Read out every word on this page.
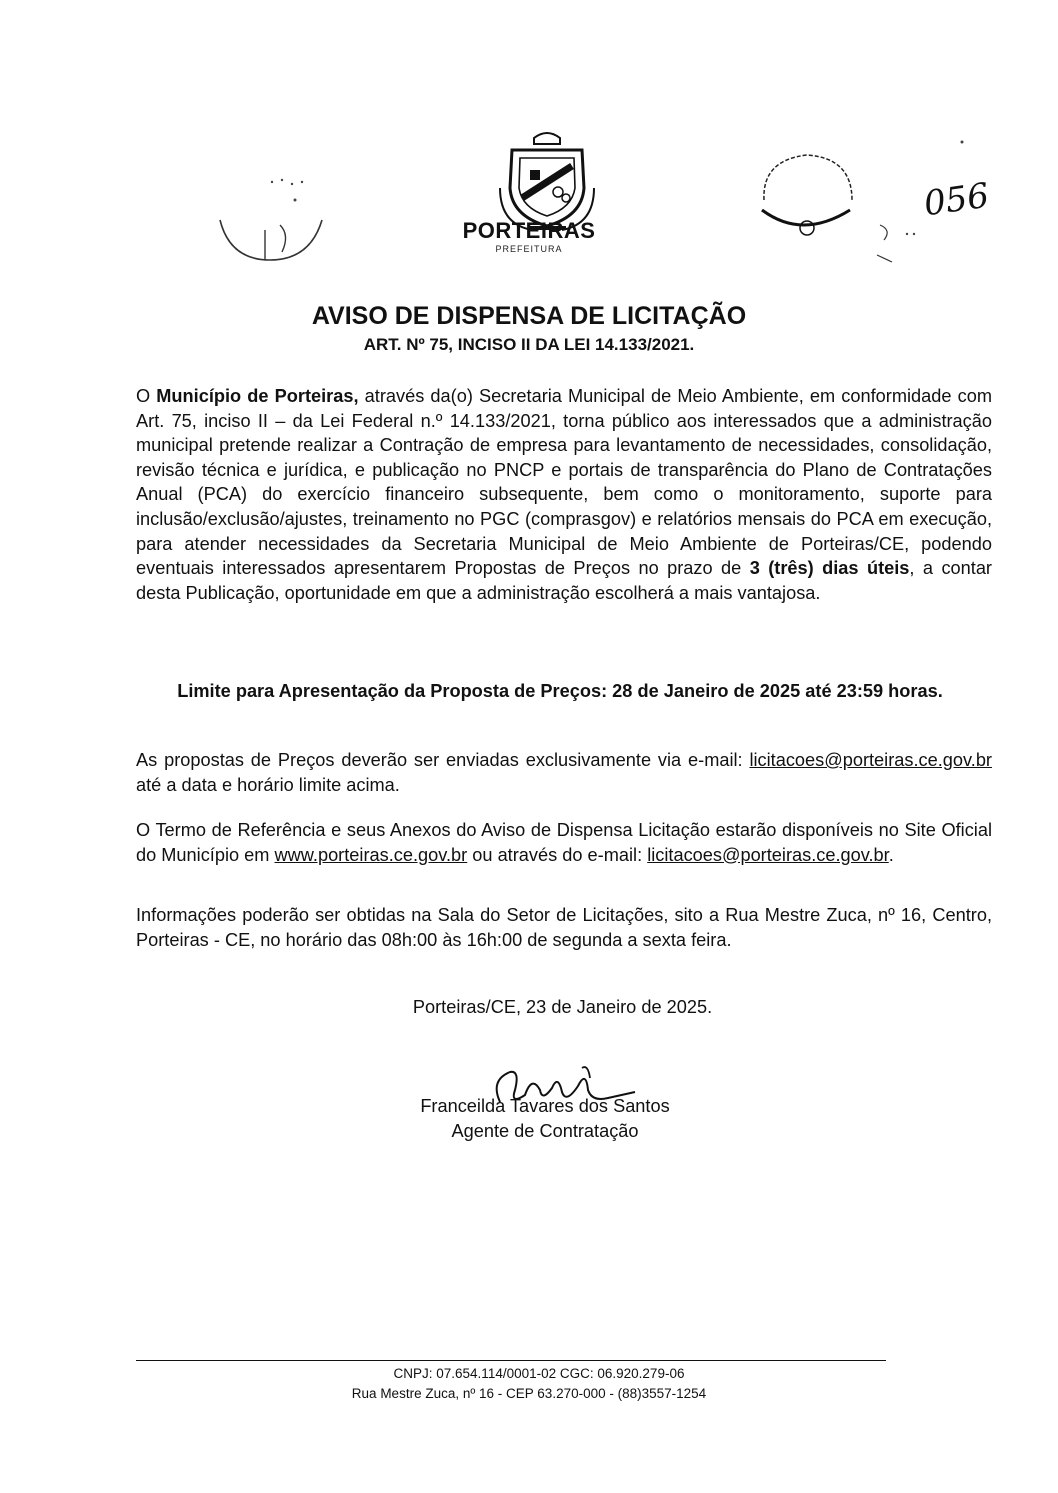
PORTEIRAS
PREFEITURA
056
AVISO DE DISPENSA DE LICITAÇÃO
ART. Nº 75, INCISO II DA LEI 14.133/2021.
O Município de Porteiras, através da(o) Secretaria Municipal de Meio Ambiente, em conformidade com Art. 75, inciso II – da Lei Federal n.º 14.133/2021, torna público aos interessados que a administração municipal pretende realizar a Contração de empresa para levantamento de necessidades, consolidação, revisão técnica e jurídica, e publicação no PNCP e portais de transparência do Plano de Contratações Anual (PCA) do exercício financeiro subsequente, bem como o monitoramento, suporte para inclusão/exclusão/ajustes, treinamento no PGC (comprasgov) e relatórios mensais do PCA em execução, para atender necessidades da Secretaria Municipal de Meio Ambiente de Porteiras/CE, podendo eventuais interessados apresentarem Propostas de Preços no prazo de 3 (três) dias úteis, a contar desta Publicação, oportunidade em que a administração escolherá a mais vantajosa.
Limite para Apresentação da Proposta de Preços: 28 de Janeiro de 2025 até 23:59 horas.
As propostas de Preços deverão ser enviadas exclusivamente via e-mail: licitacoes@porteiras.ce.gov.br até a data e horário limite acima.
O Termo de Referência e seus Anexos do Aviso de Dispensa Licitação estarão disponíveis no Site Oficial do Município em www.porteiras.ce.gov.br ou através do e-mail: licitacoes@porteiras.ce.gov.br.
Informações poderão ser obtidas na Sala do Setor de Licitações, sito a Rua Mestre Zuca, nº 16, Centro, Porteiras - CE, no horário das 08h:00 às 16h:00 de segunda a sexta feira.
Porteiras/CE, 23 de Janeiro de 2025.
Franceilda Tavares dos Santos
Agente de Contratação
CNPJ: 07.654.114/0001-02 CGC: 06.920.279-06
Rua Mestre Zuca, nº 16 - CEP 63.270-000 - (88)3557-1254
